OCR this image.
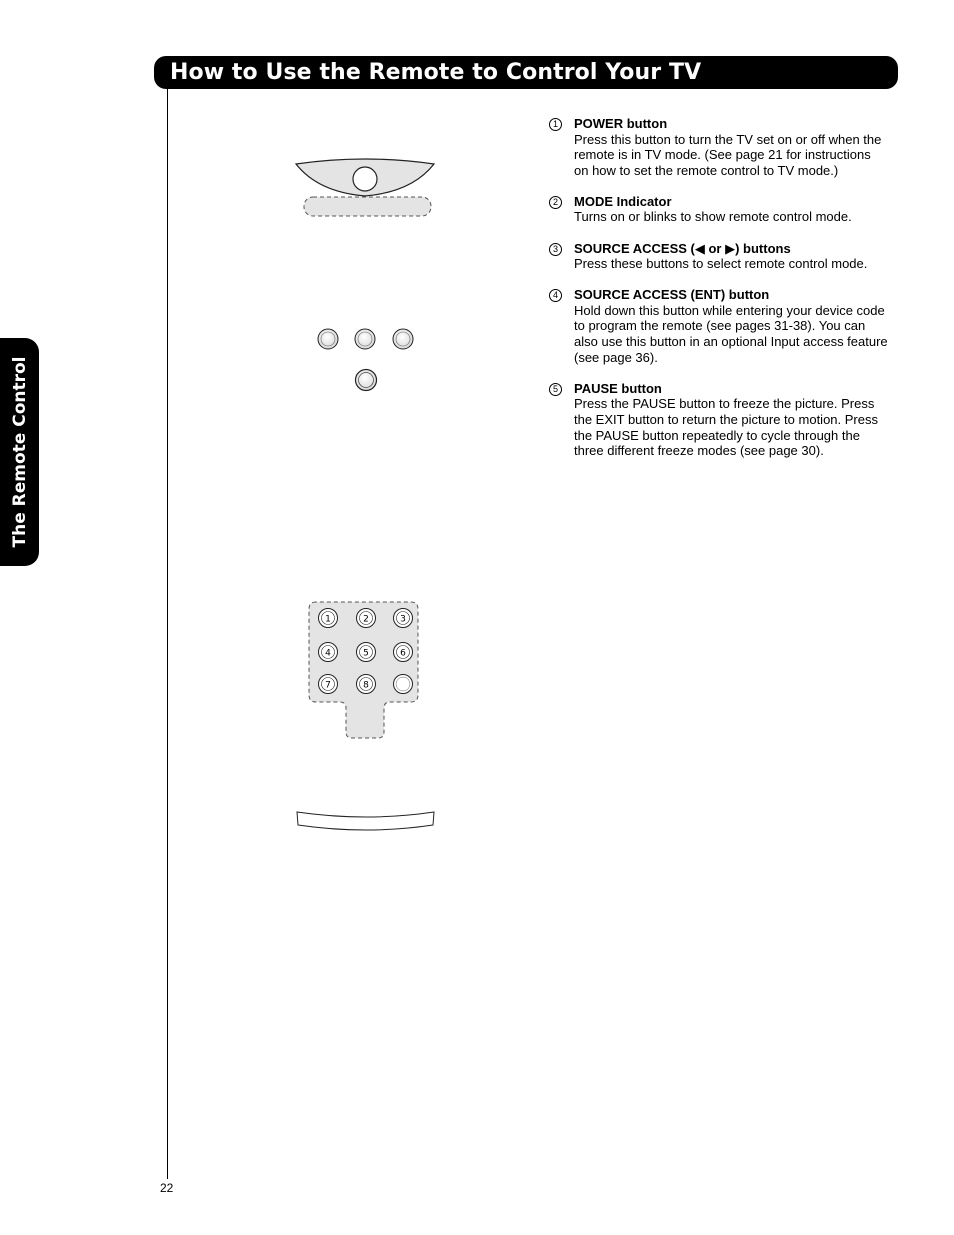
How to Use the Remote to Control Your TV
The Remote Control
22
1	2	3
4	5	6
7	8
1	POWER button

Press this button to turn the TV set on or off when the remote is in TV mode. (See page 21 for instructions on how to set the remote control to TV mode.)

2	MODE Indicator

Turns on or blinks to show remote control mode.

3	SOURCE ACCESS (◀ or ▶) buttons

Press these buttons to select remote control mode.

4	SOURCE ACCESS (ENT) button

Hold down this button while entering your device code to program the remote (see pages 31-38). You can also use this button in an optional Input access feature (see page 36).

5	PAUSE button

Press the PAUSE button to freeze the picture. Press the EXIT button to return the picture to motion. Press the PAUSE button repeatedly to cycle through the three different freeze modes (see page 30).
